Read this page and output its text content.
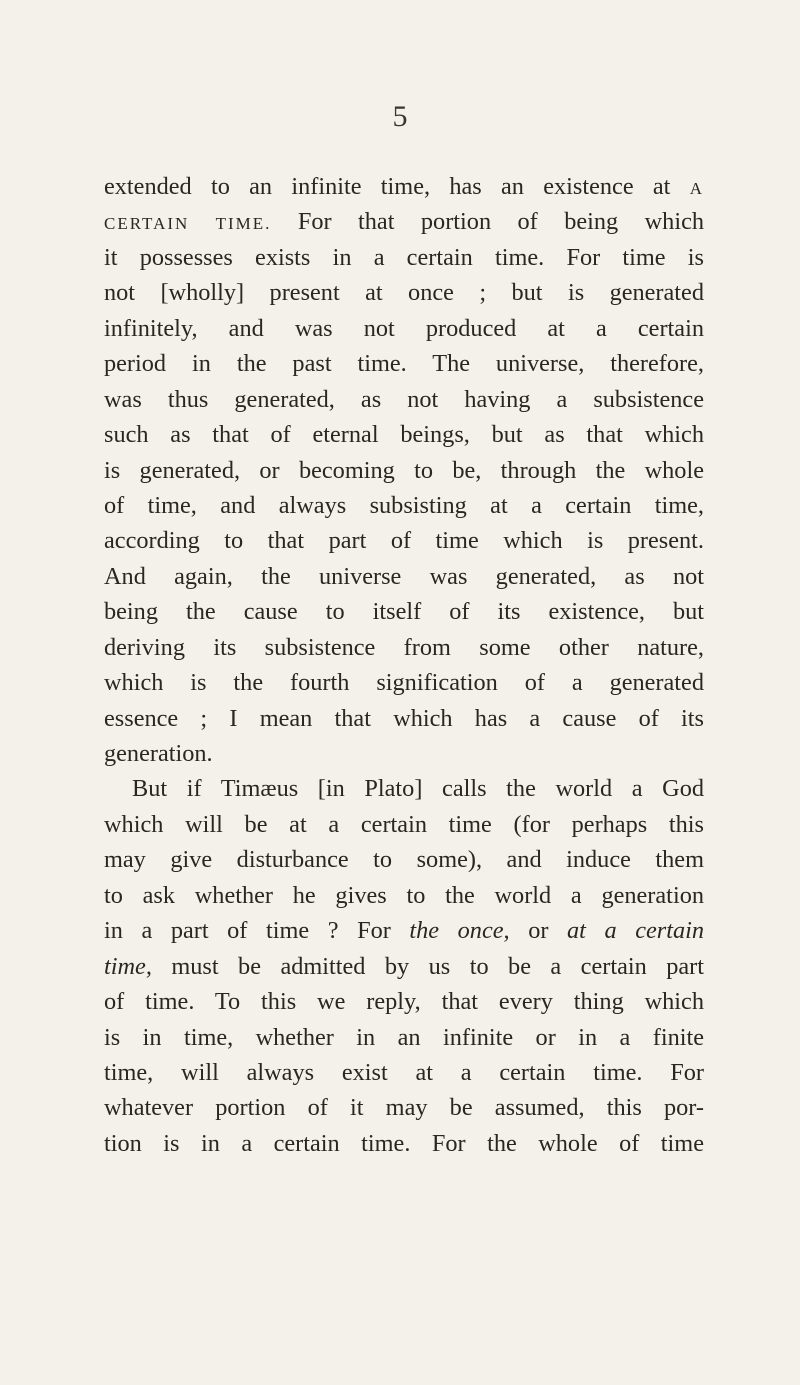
5
extended to an infinite time, has an existence at A
CERTAIN TIME. For that portion of being which
it possesses exists in a certain time. For time is
not [wholly] present at once ; but is generated
infinitely, and was not produced at a certain
period in the past time. The universe, therefore,
was thus generated, as not having a subsistence
such as that of eternal beings, but as that which
is generated, or becoming to be, through the whole
of time, and always subsisting at a certain time,
according to that part of time which is present.
And again, the universe was generated, as not
being the cause to itself of its existence, but
deriving its subsistence from some other nature,
which is the fourth signification of a generated
essence ; I mean that which has a cause of its
generation.
But if Timæus [in Plato] calls the world a God
which will be at a certain time (for perhaps this
may give disturbance to some), and induce them
to ask whether he gives to the world a generation
in a part of time ? For the once, or at a certain
time, must be admitted by us to be a certain part
of time. To this we reply, that every thing which
is in time, whether in an infinite or in a finite
time, will always exist at a certain time. For
whatever portion of it may be assumed, this por-
tion is in a certain time. For the whole of time
